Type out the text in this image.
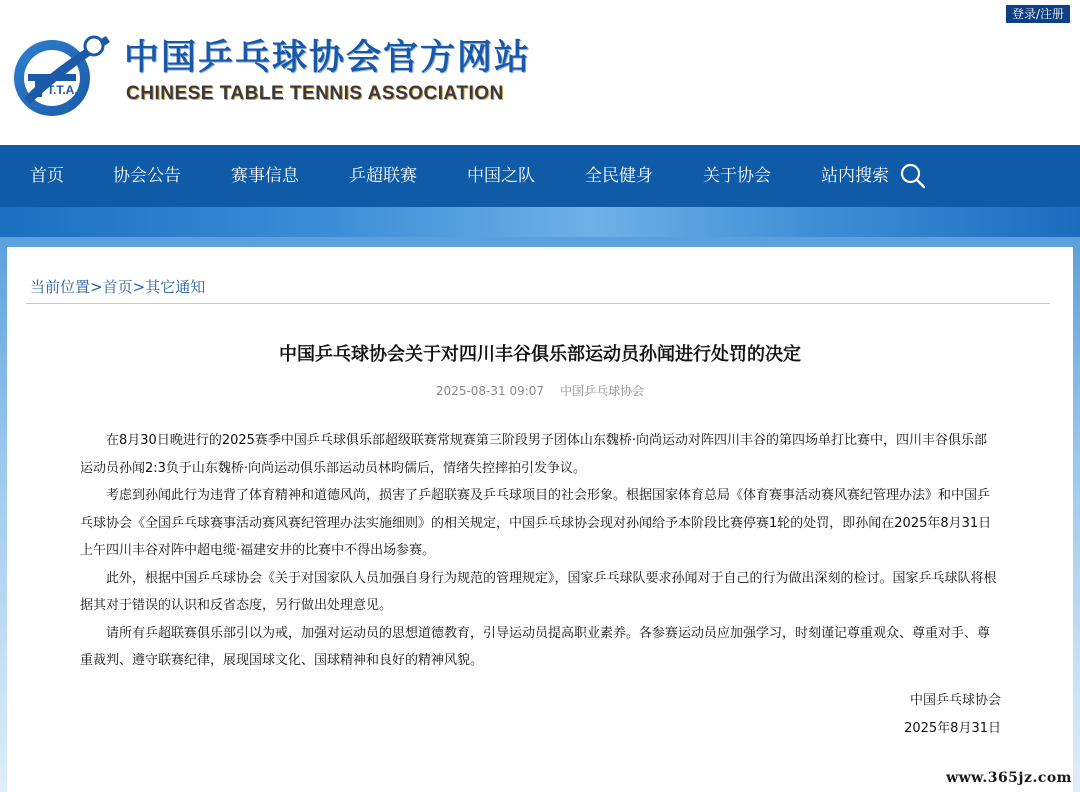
登录/注册
T.T.A.
中国乒乓球协会官方网站
CHINESE TABLE TENNIS ASSOCIATION
首页	协会公告	赛事信息	乒超联赛	中国之队	全民健身	关于协会	站内搜索
当前位置>首页>其它通知
中国乒乓球协会关于对四川丰谷俱乐部运动员孙闻进行处罚的决定
2025-08-31 09:07 中国乒乓球协会

在8月30日晚进行的2025赛季中国乒乓球俱乐部超级联赛常规赛第三阶段男子团体山东魏桥·向尚运动对阵四川丰谷的第四场单打比赛中，四川丰谷俱乐部运动员孙闻2:3负于山东魏桥·向尚运动俱乐部运动员林昀儒后，情绪失控摔拍引发争议。

考虑到孙闻此行为违背了体育精神和道德风尚，损害了乒超联赛及乒乓球项目的社会形象。根据国家体育总局《体育赛事活动赛风赛纪管理办法》和中国乒乓球协会《全国乒乓球赛事活动赛风赛纪管理办法实施细则》的相关规定，中国乒乓球协会现对孙闻给予本阶段比赛停赛1轮的处罚，即孙闻在2025年8月31日上午四川丰谷对阵中超电缆·福建安井的比赛中不得出场参赛。

此外，根据中国乒乓球协会《关于对国家队人员加强自身行为规范的管理规定》，国家乒乓球队要求孙闻对于自己的行为做出深刻的检讨。国家乒乓球队将根据其对于错误的认识和反省态度，另行做出处理意见。

请所有乒超联赛俱乐部引以为戒，加强对运动员的思想道德教育，引导运动员提高职业素养。各参赛运动员应加强学习，时刻谨记尊重观众、尊重对手、尊重裁判、遵守联赛纪律，展现国球文化、国球精神和良好的精神风貌。

中国乒乓球协会
2025年8月31日
www.365jz.com
